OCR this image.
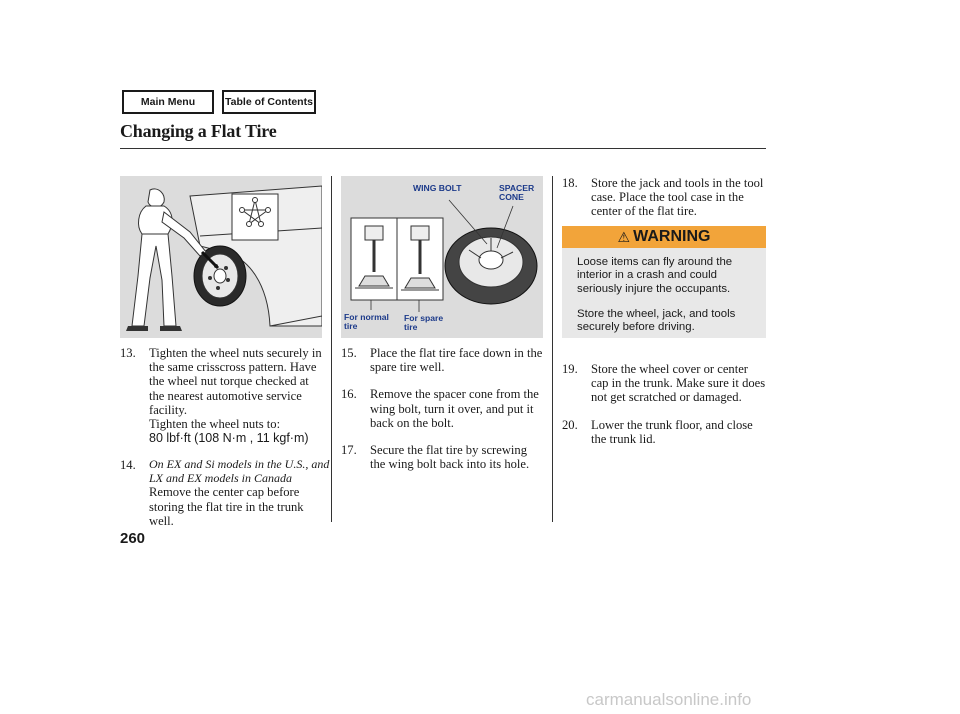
Main Menu	Table of Contents
Changing a Flat Tire
WING BOLT	SPACER
CONE
For normal
tire
For spare
tire
13. Tighten the wheel nuts securely in
the same crisscross pattern. Have
the wheel nut torque checked at
the nearest automotive service
facility.
Tighten the wheel nuts to:
80 lbf·ft (108 N·m , 11 kgf·m)
14. On EX and Si models in the U.S., and
LX and EX models in Canada
Remove the center cap before
storing the flat tire in the trunk
well.
15. Place the flat tire face down in the
spare tire well.
16. Remove the spacer cone from the
wing bolt, turn it over, and put it
back on the bolt.
17. Secure the flat tire by screwing
the wing bolt back into its hole.
18. Store the jack and tools in the tool
case. Place the tool case in the
center of the flat tire.
⚠ WARNING
Loose items can fly around the
interior in a crash and could
seriously injure the occupants.
Store the wheel, jack, and tools
securely before driving.
19. Store the wheel cover or center
cap in the trunk. Make sure it does
not get scratched or damaged.
20. Lower the trunk floor, and close
the trunk lid.
260
carmanualsonline.info
